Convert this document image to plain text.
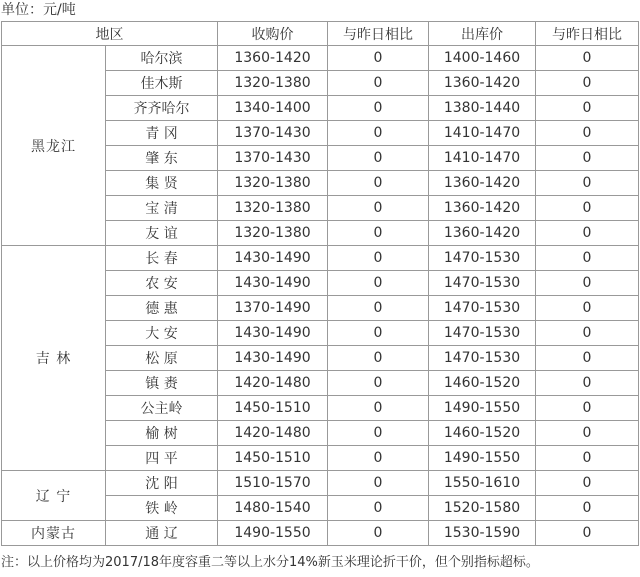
单位：元/吨
地区		收购价	与昨日相比	出库价	与昨日相比
黑龙江	哈尔滨	1360-1420	0	1400-1460	0
	佳木斯	1320-1380	0	1360-1420	0
	齐齐哈尔	1340-1400	0	1380-1440	0
	青 冈	1370-1430	0	1410-1470	0
	肇 东	1370-1430	0	1410-1470	0
	集 贤	1320-1380	0	1360-1420	0
	宝 清	1320-1380	0	1360-1420	0
	友 谊	1320-1380	0	1360-1420	0
吉 林	长 春	1430-1490	0	1470-1530	0
	农 安	1430-1490	0	1470-1530	0
	德 惠	1370-1490	0	1470-1530	0
	大 安	1430-1490	0	1470-1530	0
	松 原	1430-1490	0	1470-1530	0
	镇 赉	1420-1480	0	1460-1520	0
	公主岭	1450-1510	0	1490-1550	0
	榆 树	1420-1480	0	1460-1520	0
	四 平	1450-1510	0	1490-1550	0
辽 宁	沈 阳	1510-1570	0	1550-1610	0
	铁 岭	1480-1540	0	1520-1580	0
内蒙古	通 辽	1490-1550	0	1530-1590	0
注：以上价格均为2017/18年度容重二等以上水分14%新玉米理论折干价，但个别指标超标。
